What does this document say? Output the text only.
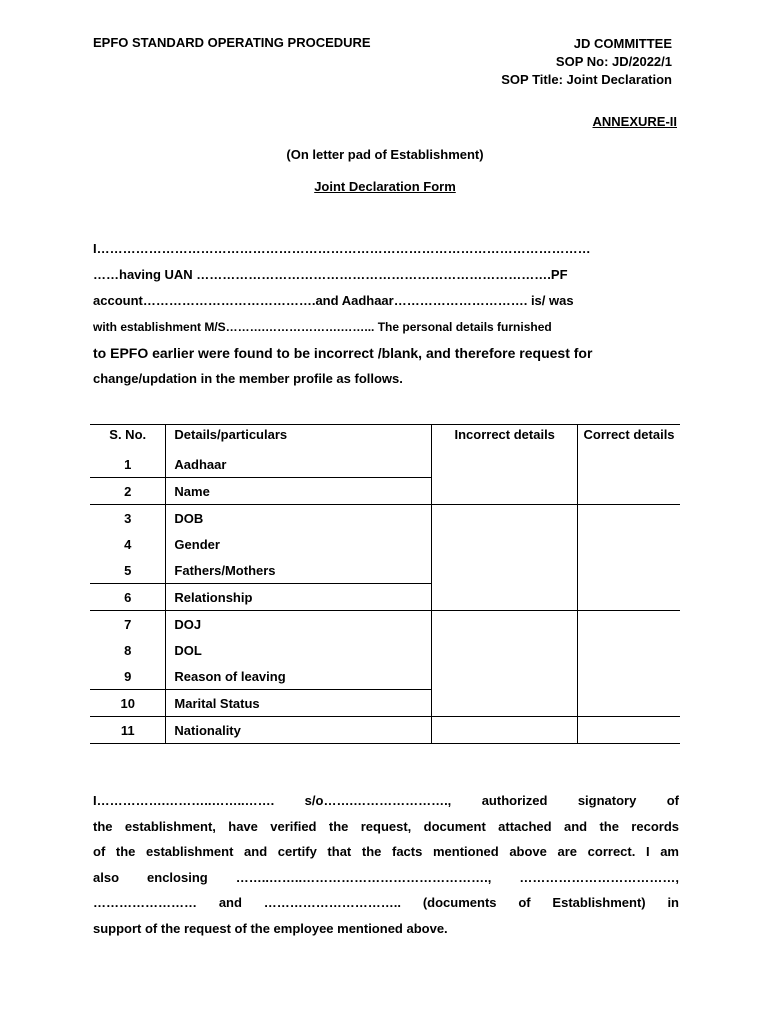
EPFO STANDARD OPERATING PROCEDURE	JD COMMITTEE
SOP No: JD/2022/1
SOP Title: Joint Declaration
ANNEXURE-II
(On letter pad of Establishment)
Joint Declaration Form
I……………………………………………………………………………………………………
……having UAN ……………………………………………………………………….PF
account………………………………….and Aadhaar…………………………. is/ was
with establishment M/S……….……………….……... The personal details furnished
to EPFO earlier were found to be incorrect /blank, and therefore request for
change/updation in the member profile as follows.
S. No.	Details/particulars	Incorrect details	Correct details
1	Aadhaar		
2	Name		
3	DOB		
4	Gender		
5	Fathers/Mothers		
6	Relationship		
7	DOJ		
8	DOL		
9	Reason of leaving		
10	Marital Status		
11	Nationality		
I…………….………..……..……. s/o…….…………………., authorized signatory of
the establishment, have verified the request, document attached and the records
of the establishment and certify that the facts mentioned above are correct. I am
also enclosing ……..……..……………………………………., ………………………………,
…………………… and ………………………….. (documents of Establishment) in
support of the request of the employee mentioned above.
